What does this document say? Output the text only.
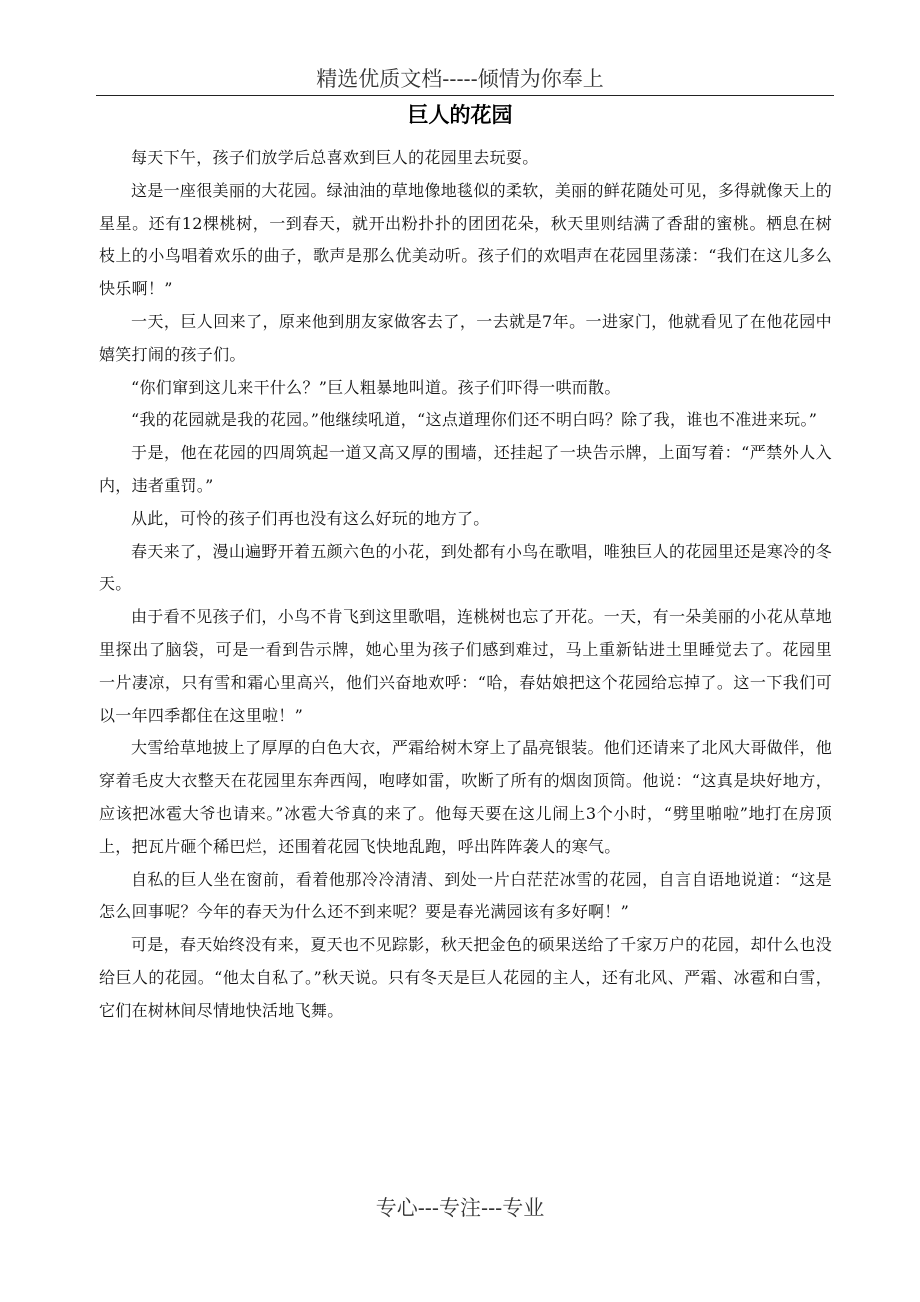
精选优质文档-----倾情为你奉上
巨人的花园

每天下午，孩子们放学后总喜欢到巨人的花园里去玩耍。

这是一座很美丽的大花园。绿油油的草地像地毯似的柔软，美丽的鲜花随处可见，多得就像天上的星星。还有12棵桃树，一到春天，就开出粉扑扑的团团花朵，秋天里则结满了香甜的蜜桃。栖息在树枝上的小鸟唱着欢乐的曲子，歌声是那么优美动听。孩子们的欢唱声在花园里荡漾：“我们在这儿多么快乐啊！”

一天，巨人回来了，原来他到朋友家做客去了，一去就是7年。一进家门，他就看见了在他花园中嬉笑打闹的孩子们。

“你们窜到这儿来干什么？”巨人粗暴地叫道。孩子们吓得一哄而散。

“我的花园就是我的花园。”他继续吼道，“这点道理你们还不明白吗？除了我，谁也不准进来玩。”

于是，他在花园的四周筑起一道又高又厚的围墙，还挂起了一块告示牌，上面写着：“严禁外人入内，违者重罚。”

从此，可怜的孩子们再也没有这么好玩的地方了。

春天来了，漫山遍野开着五颜六色的小花，到处都有小鸟在歌唱，唯独巨人的花园里还是寒冷的冬天。

由于看不见孩子们，小鸟不肯飞到这里歌唱，连桃树也忘了开花。一天，有一朵美丽的小花从草地里探出了脑袋，可是一看到告示牌，她心里为孩子们感到难过，马上重新钻进土里睡觉去了。花园里一片凄凉，只有雪和霜心里高兴，他们兴奋地欢呼：“哈，春姑娘把这个花园给忘掉了。这一下我们可以一年四季都住在这里啦！”

大雪给草地披上了厚厚的白色大衣，严霜给树木穿上了晶亮银装。他们还请来了北风大哥做伴，他穿着毛皮大衣整天在花园里东奔西闯，咆哮如雷，吹断了所有的烟囱顶筒。他说：“这真是块好地方，应该把冰雹大爷也请来。”冰雹大爷真的来了。他每天要在这儿闹上3个小时，“劈里啪啦”地打在房顶上，把瓦片砸个稀巴烂，还围着花园飞快地乱跑，呼出阵阵袭人的寒气。

自私的巨人坐在窗前，看着他那冷冷清清、到处一片白茫茫冰雪的花园，自言自语地说道：“这是怎么回事呢？今年的春天为什么还不到来呢？要是春光满园该有多好啊！”

可是，春天始终没有来，夏天也不见踪影，秋天把金色的硕果送给了千家万户的花园，却什么也没给巨人的花园。“他太自私了。”秋天说。只有冬天是巨人花园的主人，还有北风、严霜、冰雹和白雪，它们在树林间尽情地快活地飞舞。

专心---专注---专业
